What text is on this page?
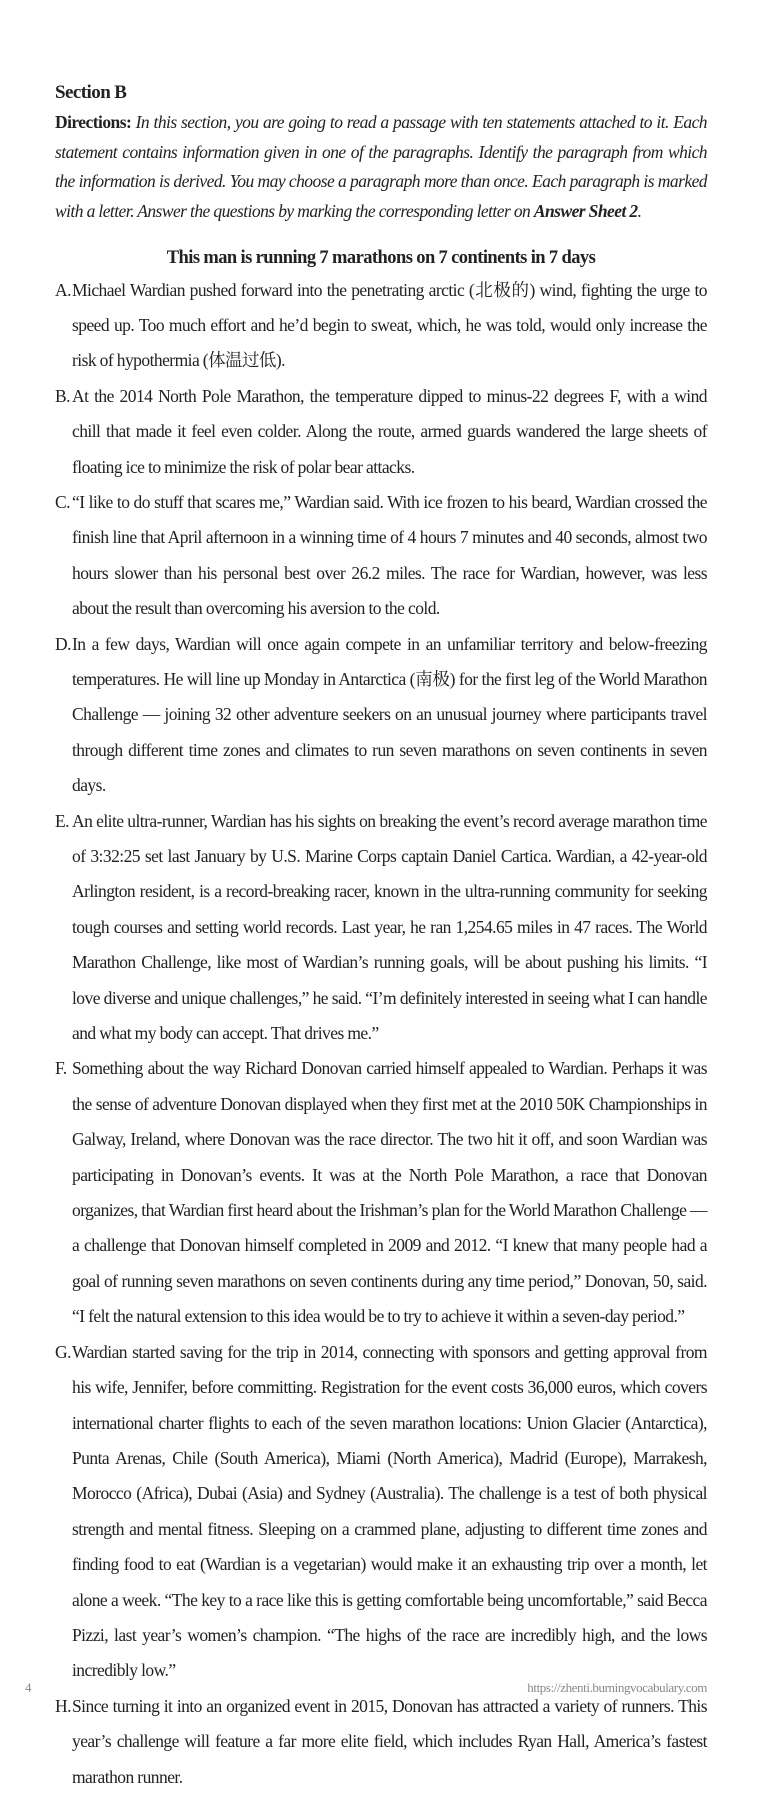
Section B

Directions: In this section, you are going to read a passage with ten statements attached to it. Each statement contains information given in one of the paragraphs. Identify the paragraph from which the information is derived. You may choose a paragraph more than once. Each paragraph is marked with a letter. Answer the questions by marking the corresponding letter on Answer Sheet 2.

This man is running 7 marathons on 7 continents in 7 days

A. Michael Wardian pushed forward into the penetrating arctic (北极的) wind, fighting the urge to speed up. Too much effort and he’d begin to sweat, which, he was told, would only increase the risk of hypothermia (体温过低).

B. At the 2014 North Pole Marathon, the temperature dipped to minus-22 degrees F, with a wind chill that made it feel even colder. Along the route, armed guards wandered the large sheets of floating ice to minimize the risk of polar bear attacks.

C. “I like to do stuff that scares me,” Wardian said. With ice frozen to his beard, Wardian crossed the finish line that April afternoon in a winning time of 4 hours 7 minutes and 40 seconds, almost two hours slower than his personal best over 26.2 miles. The race for Wardian, however, was less about the result than overcoming his aversion to the cold.

D. In a few days, Wardian will once again compete in an unfamiliar territory and below-freezing temperatures. He will line up Monday in Antarctica (南极) for the first leg of the World Marathon Challenge ― joining 32 other adventure seekers on an unusual journey where participants travel through different time zones and climates to run seven marathons on seven continents in seven days.

E. An elite ultra-runner, Wardian has his sights on breaking the event’s record average marathon time of 3:32:25 set last January by U.S. Marine Corps captain Daniel Cartica. Wardian, a 42-year-old Arlington resident, is a record-breaking racer, known in the ultra-running community for seeking tough courses and setting world records. Last year, he ran 1,254.65 miles in 47 races. The World Marathon Challenge, like most of Wardian’s running goals, will be about pushing his limits. “I love diverse and unique challenges,” he said. “I’m definitely interested in seeing what I can handle and what my body can accept. That drives me.”

F. Something about the way Richard Donovan carried himself appealed to Wardian. Perhaps it was the sense of adventure Donovan displayed when they first met at the 2010 50K Championships in Galway, Ireland, where Donovan was the race director. The two hit it off, and soon Wardian was participating in Donovan’s events. It was at the North Pole Marathon, a race that Donovan organizes, that Wardian first heard about the Irishman’s plan for the World Marathon Challenge ― a challenge that Donovan himself completed in 2009 and 2012. “I knew that many people had a goal of running seven marathons on seven continents during any time period,” Donovan, 50, said. “I felt the natural extension to this idea would be to try to achieve it within a seven-day period.”

G. Wardian started saving for the trip in 2014, connecting with sponsors and getting approval from his wife, Jennifer, before committing. Registration for the event costs 36,000 euros, which covers international charter flights to each of the seven marathon locations: Union Glacier (Antarctica), Punta Arenas, Chile (South America), Miami (North America), Madrid (Europe), Marrakesh, Morocco (Africa), Dubai (Asia) and Sydney (Australia). The challenge is a test of both physical strength and mental fitness. Sleeping on a crammed plane, adjusting to different time zones and finding food to eat (Wardian is a vegetarian) would make it an exhausting trip over a month, let alone a week. “The key to a race like this is getting comfortable being uncomfortable,” said Becca Pizzi, last year’s women’s champion. “The highs of the race are incredibly high, and the lows incredibly low.”

H. Since turning it into an organized event in 2015, Donovan has attracted a variety of runners. This year’s challenge will feature a far more elite field, which includes Ryan Hall, America’s fastest marathon runner.

4	https://zhenti.burningvocabulary.com
